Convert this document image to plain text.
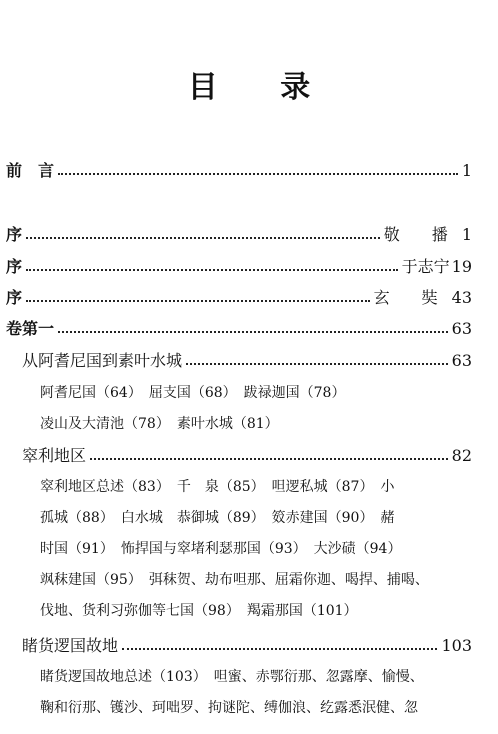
目 录
前　言	1
序	敬　播 1
序	于志宁 19
序	玄　奘 43
卷第一	63
从阿耆尼国到素叶水城	63
阿耆尼国（64）　屈支国（68）　跋禄迦国（78）
凌山及大清池（78）　素叶水城（81）
窣利地区	82
窣利地区总述（83）　千　泉（85）　呾逻私城（87）　小
孤城（88）　白水城　恭御城（89）　笯赤建国（90）　赭
时国（91）　怖捍国与窣堵利瑟那国（93）　大沙碛（94）
飒秣建国（95）　弭秣贺、劫布呾那、屈霜你迦、喝捍、捕喝、
伐地、货利习弥伽等七国（98）　羯霜那国（101）
睹货逻国故地	103
睹货逻国故地总述（103）　呾蜜、赤鄂衍那、忽露摩、愉慢、
鞠和衍那、镬沙、珂咄罗、拘谜陀、缚伽浪、纥露悉泯健、忽
